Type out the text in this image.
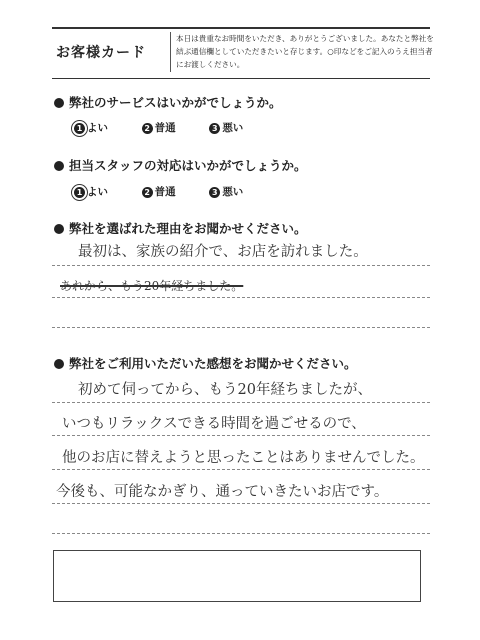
お客様カード
本日は貴重なお時間をいただき、ありがとうございました。あなたと弊社を結ぶ通信欄としていただきたいと存じます。○印などをご記入のうえ担当者にお渡しください。
弊社のサービスはいかがでしょうか。
1 よい	2 普通	3 悪い
担当スタッフの対応はいかがでしょうか。
1 よい	2 普通	3 悪い
弊社を選ばれた理由をお聞かせください。
最初は、家族の紹介で、お店を訪れました。
あれから、もう20年経ちました。
弊社をご利用いただいた感想をお聞かせください。
初めて伺ってから、もう20年経ちましたが、
いつもリラックスできる時間を過ごせるので、
他のお店に替えようと思ったことはありませんでした。
今後も、可能なかぎり、通っていきたいお店です。
